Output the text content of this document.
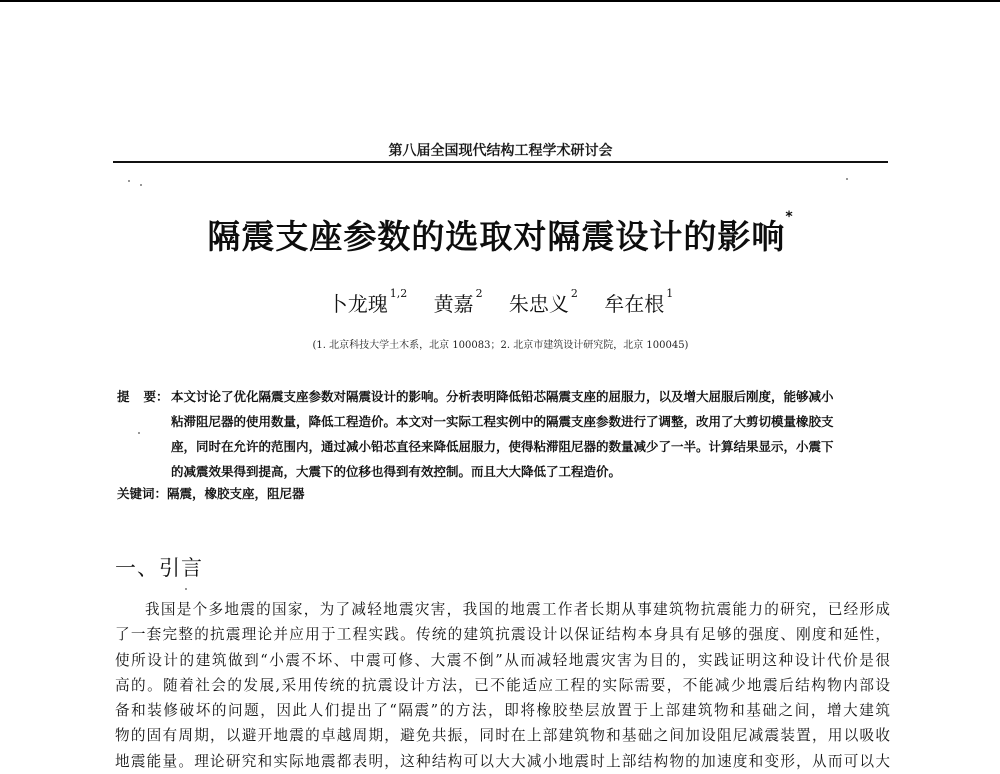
第八届全国现代结构工程学术研讨会
隔震支座参数的选取对隔震设计的影响*
卜龙瑰 $^{1,2}$ 黄嘉 $^2$ 朱忠义 $^2$ 牟在根 $^1$
(1. 北京科技大学土木系，北京 100083；2. 北京市建筑设计研究院，北京 100045)
提 要： 本文讨论了优化隔震支座参数对隔震设计的影响。分析表明降低铅芯隔震支座的屈服力，以及增大屈服后刚度，能够减小
粘滞阻尼器的使用数量，降低工程造价。本文对一实际工程实例中的隔震支座参数进行了调整，改用了大剪切模量橡胶支
座，同时在允许的范围内，通过减小铅芯直径来降低屈服力，使得粘滞阻尼器的数量减少了一半。计算结果显示，小震下
的减震效果得到提高，大震下的位移也得到有效控制。而且大大降低了工程造价。
关键词：隔震，橡胶支座，阻尼器
一、引言
我国是个多地震的国家，为了减轻地震灾害，我国的地震工作者长期从事建筑物抗震能力的研究，已经形成
了一套完整的抗震理论并应用于工程实践。传统的建筑抗震设计以保证结构本身具有足够的强度、刚度和延性，
使所设计的建筑做到“小震不坏、中震可修、大震不倒”从而减轻地震灾害为目的，实践证明这种设计代价是很
高的。随着社会的发展,采用传统的抗震设计方法，已不能适应工程的实际需要，不能减少地震后结构物内部设
备和装修破坏的问题，因此人们提出了“隔震”的方法，即将橡胶垫层放置于上部建筑物和基础之间，增大建筑
物的固有周期，以避开地震的卓越周期，避免共振，同时在上部建筑物和基础之间加设阻尼减震装置，用以吸收
地震能量。理论研究和实际地震都表明，这种结构可以大大减小地震时上部结构物的加速度和变形，从而可以大
